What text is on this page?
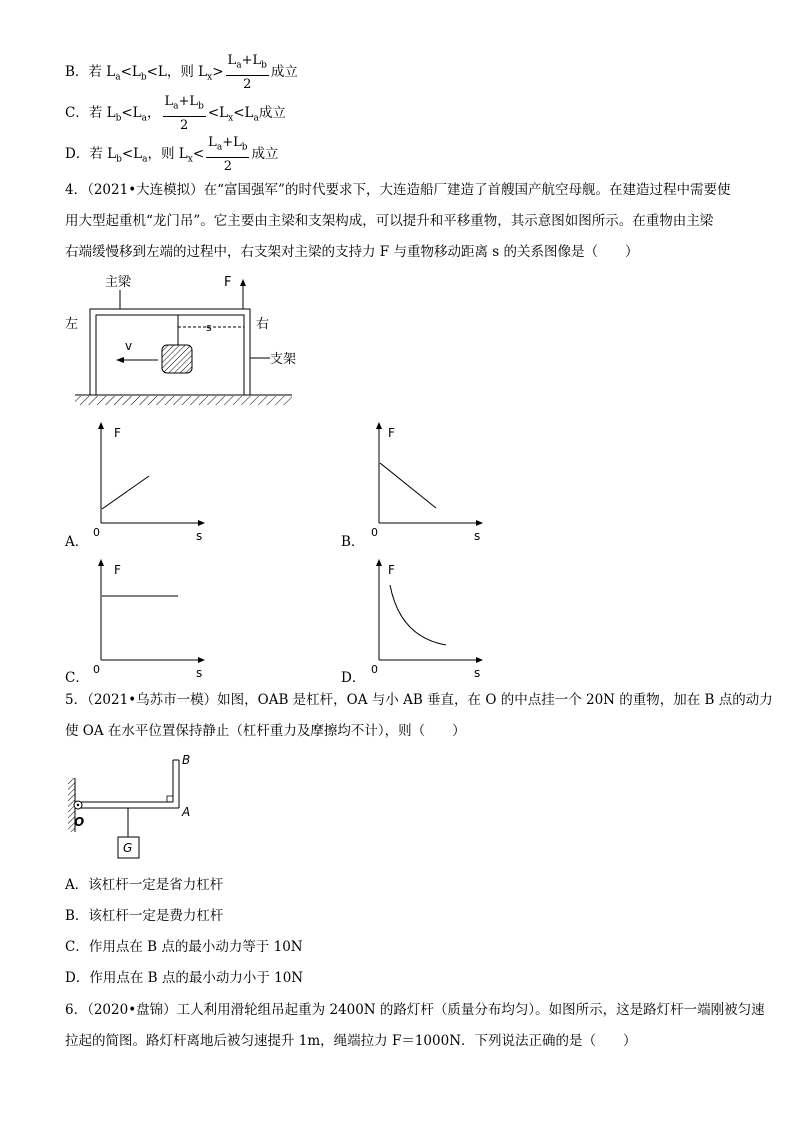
B．若 $L_a<L_b<L$，则 $L_x> \frac{L_a+L_b}{2}$ 成立
C．若 $L_b<L_a$， $\frac{L_a+L_b}{2} <L_x<L_a$成立
D．若 $L_b<L_a$，则 $L_x< \frac{L_a+L_b}{2}$ 成立
4．（2021•大连模拟）在“富国强军”的时代要求下，大连造船厂建造了首艘国产航空母舰。在建造过程中需要使
用大型起重机“龙门吊”。它主要由主梁和支架构成，可以提升和平移重物，其示意图如图所示。在重物由主梁
右端缓慢移到左端的过程中，右支架对主梁的支持力 F 与重物移动距离 s 的关系图像是（　　）
主梁	F
左	右
s
v
支架
F
0	s
A．
F
0	s
B．
F
0	s
C．
F
0	s
D．
5．（2021•乌苏市一模）如图，OAB 是杠杆，OA 与小 AB 垂直，在 O 的中点挂一个 20N 的重物，加在 B 点的动力
使 OA 在水平位置保持静止（杠杆重力及摩擦均不计），则（　　）
O
A
B
G
A．该杠杆一定是省力杠杆
B．该杠杆一定是费力杠杆
C．作用点在 B 点的最小动力等于 10N
D．作用点在 B 点的最小动力小于 10N
6．（2020•盘锦）工人利用滑轮组吊起重为 2400N 的路灯杆（质量分布均匀）。如图所示，这是路灯杆一端刚被匀速
拉起的简图。路灯杆离地后被匀速提升 1m，绳端拉力 F＝1000N．下列说法正确的是（　　）
